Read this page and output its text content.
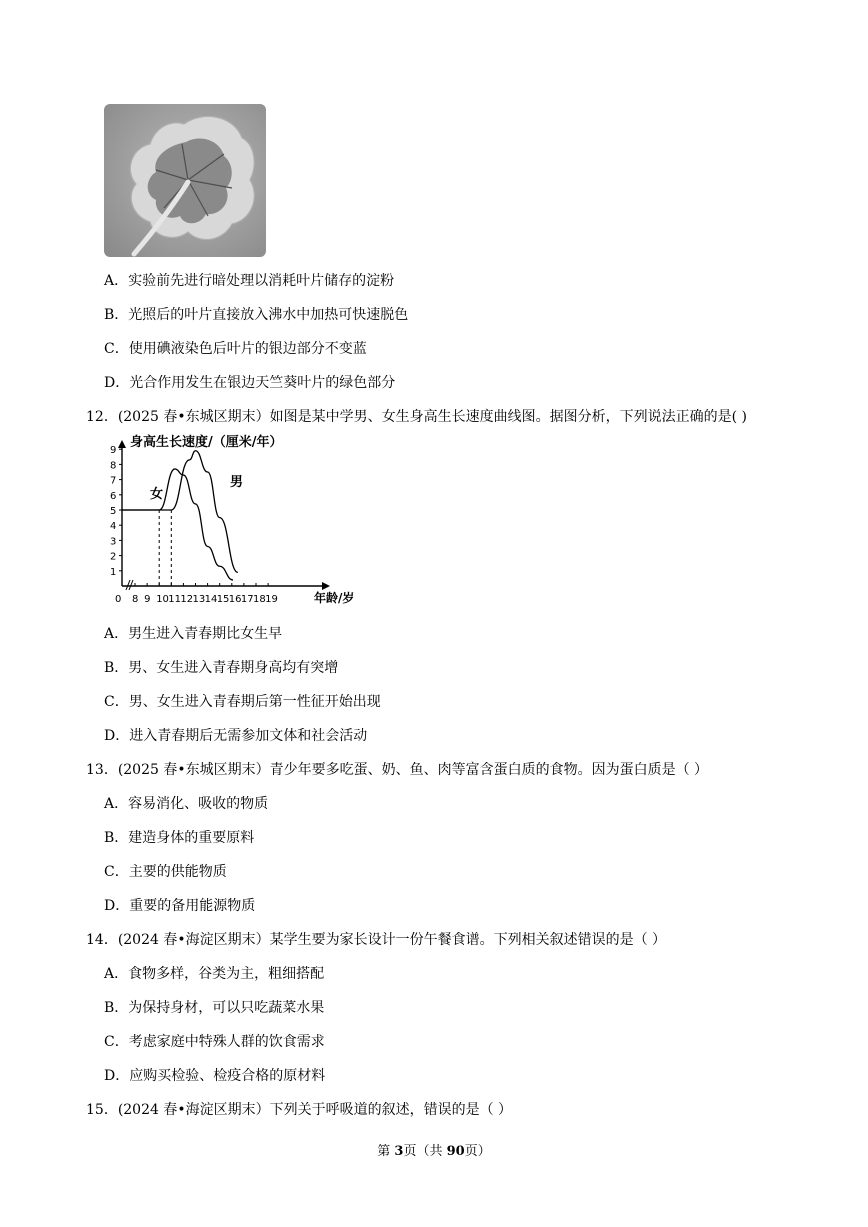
A．实验前先进行暗处理以消耗叶片储存的淀粉
B．光照后的叶片直接放入沸水中加热可快速脱色
C．使用碘液染色后叶片的银边部分不变蓝
D．光合作用发生在银边天竺葵叶片的绿色部分
12．(2025 春•东城区期末）如图是某中学男、女生身高生长速度曲线图。据图分析，下列说法正确的是( )
身高生长速度/（厘米/年）
1
2
3
4
5
6
7
8
9
0 8 9 10 11 12 13 14 15 16 17 18 19	年龄/岁
女
男
A．男生进入青春期比女生早
B．男、女生进入青春期身高均有突增
C．男、女生进入青春期后第一性征开始出现
D．进入青春期后无需参加文体和社会活动
13．(2025 春•东城区期末）青少年要多吃蛋、奶、鱼、肉等富含蛋白质的食物。因为蛋白质是（ ）
A．容易消化、吸收的物质
B．建造身体的重要原料
C．主要的供能物质
D．重要的备用能源物质
14．(2024 春•海淀区期末）某学生要为家长设计一份午餐食谱。下列相关叙述错误的是（ ）
A．食物多样，谷类为主，粗细搭配
B．为保持身材，可以只吃蔬菜水果
C．考虑家庭中特殊人群的饮食需求
D．应购买检验、检疫合格的原材料
15．(2024 春•海淀区期末）下列关于呼吸道的叙述，错误的是（ ）
第 3页（共 90页）
